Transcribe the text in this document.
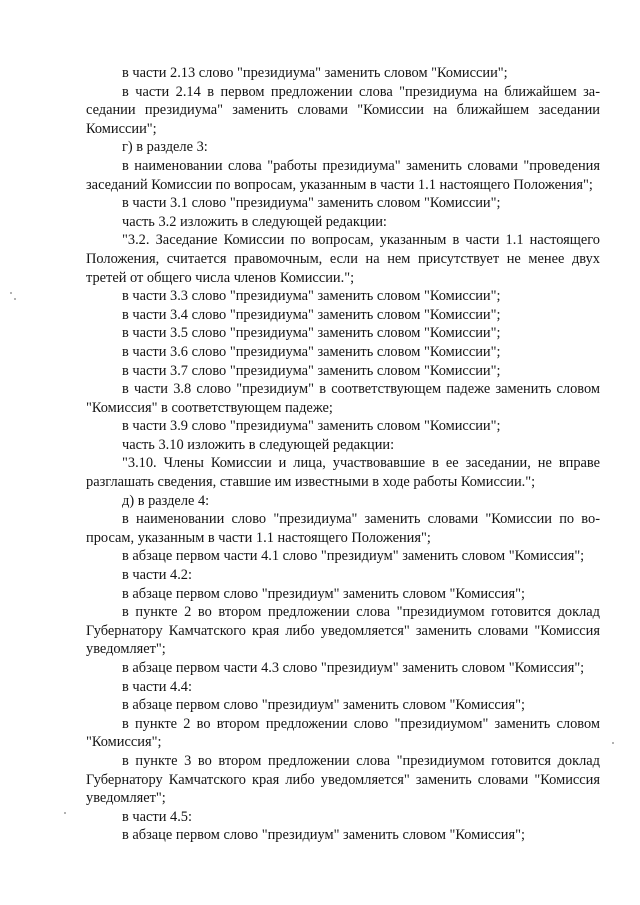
в части 2.13 слово "президиума" заменить словом "Комиссии";

в части 2.14 в первом предложении слова "президиума на ближайшем заседании президиума" заменить словами "Комиссии на ближайшем заседании Комиссии";

г) в разделе 3:

в наименовании слова "работы президиума" заменить словами "проведения заседаний Комиссии по вопросам, указанным в части 1.1 настоящего Положения";

в части 3.1 слово "президиума" заменить словом "Комиссии";

часть 3.2 изложить в следующей редакции:

"3.2. Заседание Комиссии по вопросам, указанным в части 1.1 настоящего Положения, считается правомочным, если на нем присутствует не менее двух третей от общего числа членов Комиссии.";

в части 3.3 слово "президиума" заменить словом "Комиссии";

в части 3.4 слово "президиума" заменить словом "Комиссии";

в части 3.5 слово "президиума" заменить словом "Комиссии";

в части 3.6 слово "президиума" заменить словом "Комиссии";

в части 3.7 слово "президиума" заменить словом "Комиссии";

в части 3.8 слово "президиум" в соответствующем падеже заменить словом "Комиссия" в соответствующем падеже;

в части 3.9 слово "президиума" заменить словом "Комиссии";

часть 3.10 изложить в следующей редакции:

"3.10. Члены Комиссии и лица, участвовавшие в ее заседании, не вправе разглашать сведения, ставшие им известными в ходе работы Комиссии.";

д) в разделе 4:

в наименовании слово "президиума" заменить словами "Комиссии по вопросам, указанным в части 1.1 настоящего Положения";

в абзаце первом части 4.1 слово "президиум" заменить словом "Комиссия";

в части 4.2:

в абзаце первом слово "президиум" заменить словом "Комиссия";

в пункте 2 во втором предложении слова "президиумом готовится доклад Губернатору Камчатского края либо уведомляется" заменить словами "Комиссия уведомляет";

в абзаце первом части 4.3 слово "президиум" заменить словом "Комиссия";

в части 4.4:

в абзаце первом слово "президиум" заменить словом "Комиссия";

в пункте 2 во втором предложении слово "президиумом" заменить словом "Комиссия";

в пункте 3 во втором предложении слова "президиумом готовится доклад Губернатору Камчатского края либо уведомляется" заменить словами "Комиссия уведомляет";

в части 4.5:

в абзаце первом слово "президиум" заменить словом "Комиссия";
